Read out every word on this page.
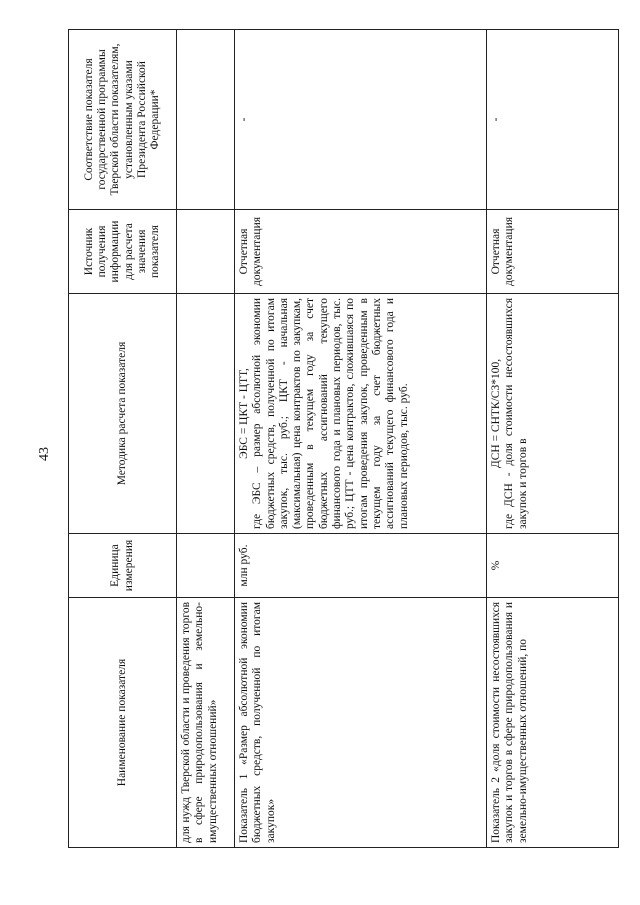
43
Наименование показателя	Единица измерения	Методика расчета показателя	Источник получения информации для расчета значения показателя	Соответствие показателя государственной программы Тверской области показателям, установленным указами Президента Российской Федерации*
для нужд Тверской области и проведения торгов в сфере природопользования и земельно-имущественных отношений»				
Показатель 1 «Размер абсолютной экономии бюджетных средств, полученной по итогам закупок»	млн руб.	ЭБС = ЦКТ - ЦТТ, где ЭБС – размер абсолютной экономии бюджетных средств, полученной по итогам закупок, тыс. руб.; ЦКТ - начальная (максимальная) цена контрактов по закупкам, проведенным в текущем году за счет бюджетных ассигнований текущего финансового года и плановых периодов, тыс. руб.; ЦТТ - цена контрактов, сложившаяся по итогам проведения закупок, проведенным в текущем году за счет бюджетных ассигнований текущего финансового года и плановых периодов, тыс. руб.	Отчетная документация	-
Показатель 2 «доля стоимости несостоявшихся закупок и торгов в сфере природопользования и земельно-имущественных отношений, по	%	ДСН = СНТК/СЗ*100, где ДСН - доля стоимости несостоявшихся закупок и торгов в	Отчетная документация	-
